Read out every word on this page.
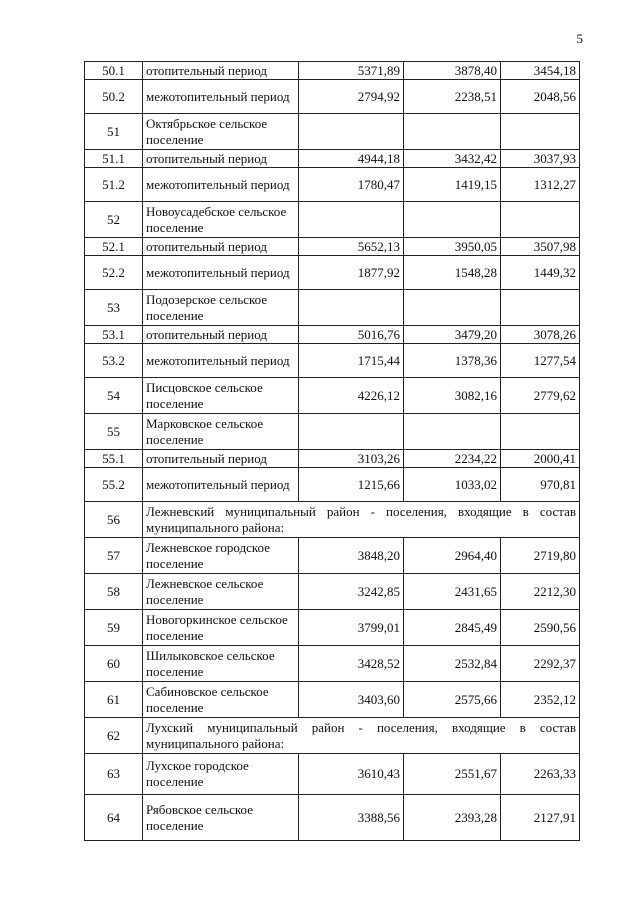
5
50.1	отопительный период	5371,89	3878,40	3454,18
50.2	межотопительный период	2794,92	2238,51	2048,56
51	Октябрьское сельское поселение			
51.1	отопительный период	4944,18	3432,42	3037,93
51.2	межотопительный период	1780,47	1419,15	1312,27
52	Новоусадебское сельское поселение			
52.1	отопительный период	5652,13	3950,05	3507,98
52.2	межотопительный период	1877,92	1548,28	1449,32
53	Подозерское сельское поселение			
53.1	отопительный период	5016,76	3479,20	3078,26
53.2	межотопительный период	1715,44	1378,36	1277,54
54	Писцовское сельское поселение	4226,12	3082,16	2779,62
55	Марковское сельское поселение			
55.1	отопительный период	3103,26	2234,22	2000,41
55.2	межотопительный период	1215,66	1033,02	970,81
56	Лежневский муниципальный район - поселения, входящие в состав муниципального района:			
57	Лежневское городское поселение	3848,20	2964,40	2719,80
58	Лежневское сельское поселение	3242,85	2431,65	2212,30
59	Новогоркинское сельское поселение	3799,01	2845,49	2590,56
60	Шилыковское сельское поселение	3428,52	2532,84	2292,37
61	Сабиновское сельское поселение	3403,60	2575,66	2352,12
62	Лухский муниципальный район - поселения, входящие в состав муниципального района:			
63	Лухское городское поселение	3610,43	2551,67	2263,33
64	Рябовское сельское поселение	3388,56	2393,28	2127,91
